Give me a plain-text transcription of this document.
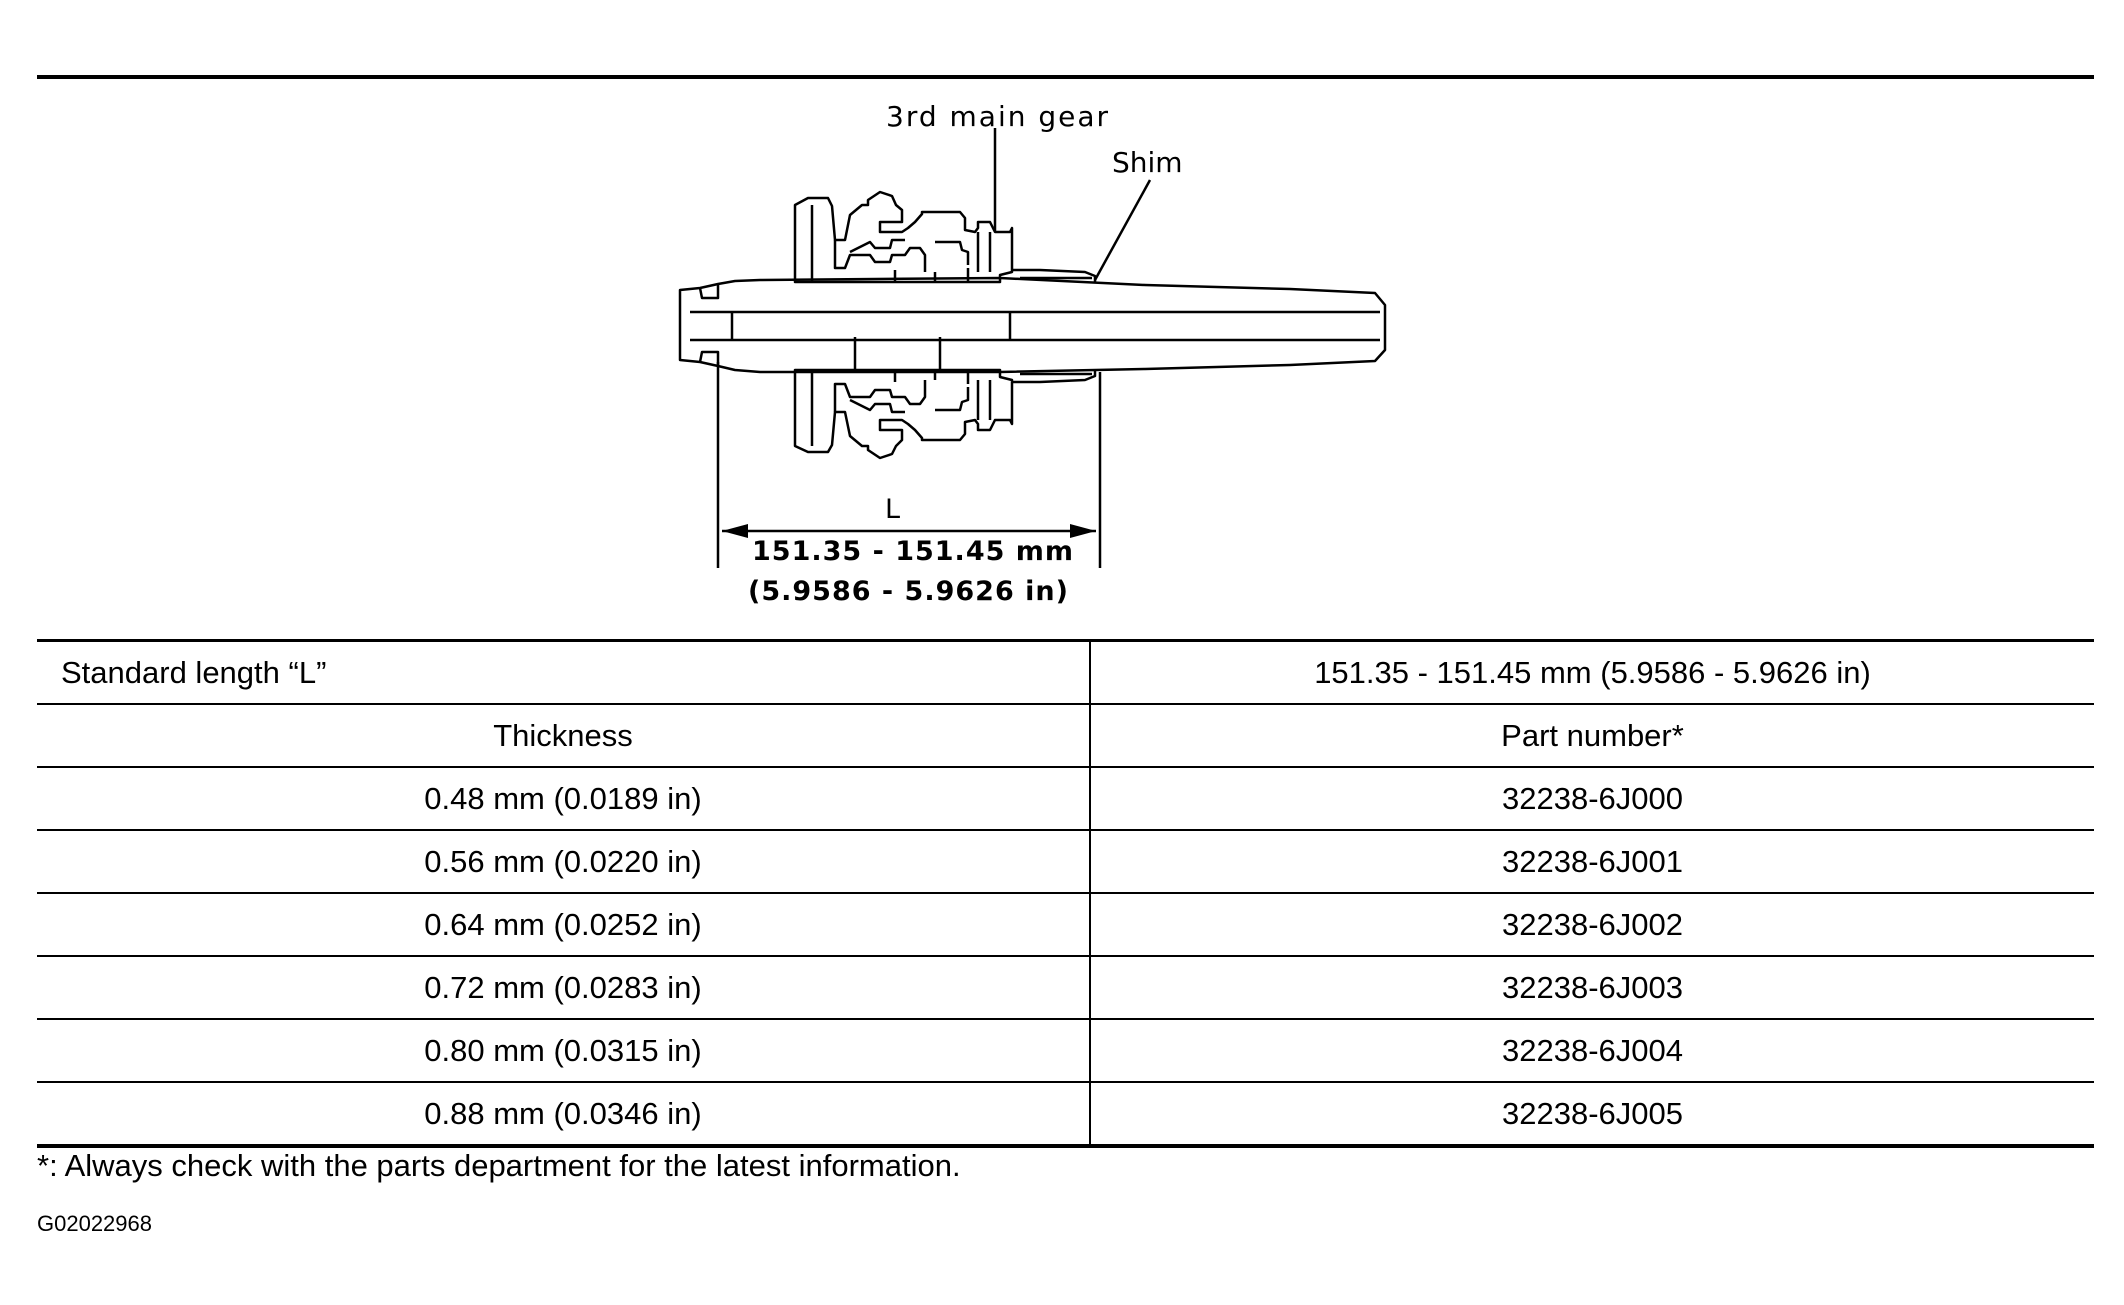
3rd main gear
Shim
L
151.35 - 151.45 mm
(5.9586 - 5.9626 in)
Standard length “L”	151.35 - 151.45 mm (5.9586 - 5.9626 in)
Thickness	Part number*
0.48 mm (0.0189 in)	32238-6J000
0.56 mm (0.0220 in)	32238-6J001
0.64 mm (0.0252 in)	32238-6J002
0.72 mm (0.0283 in)	32238-6J003
0.80 mm (0.0315 in)	32238-6J004
0.88 mm (0.0346 in)	32238-6J005
*: Always check with the parts department for the latest information.
G02022968
